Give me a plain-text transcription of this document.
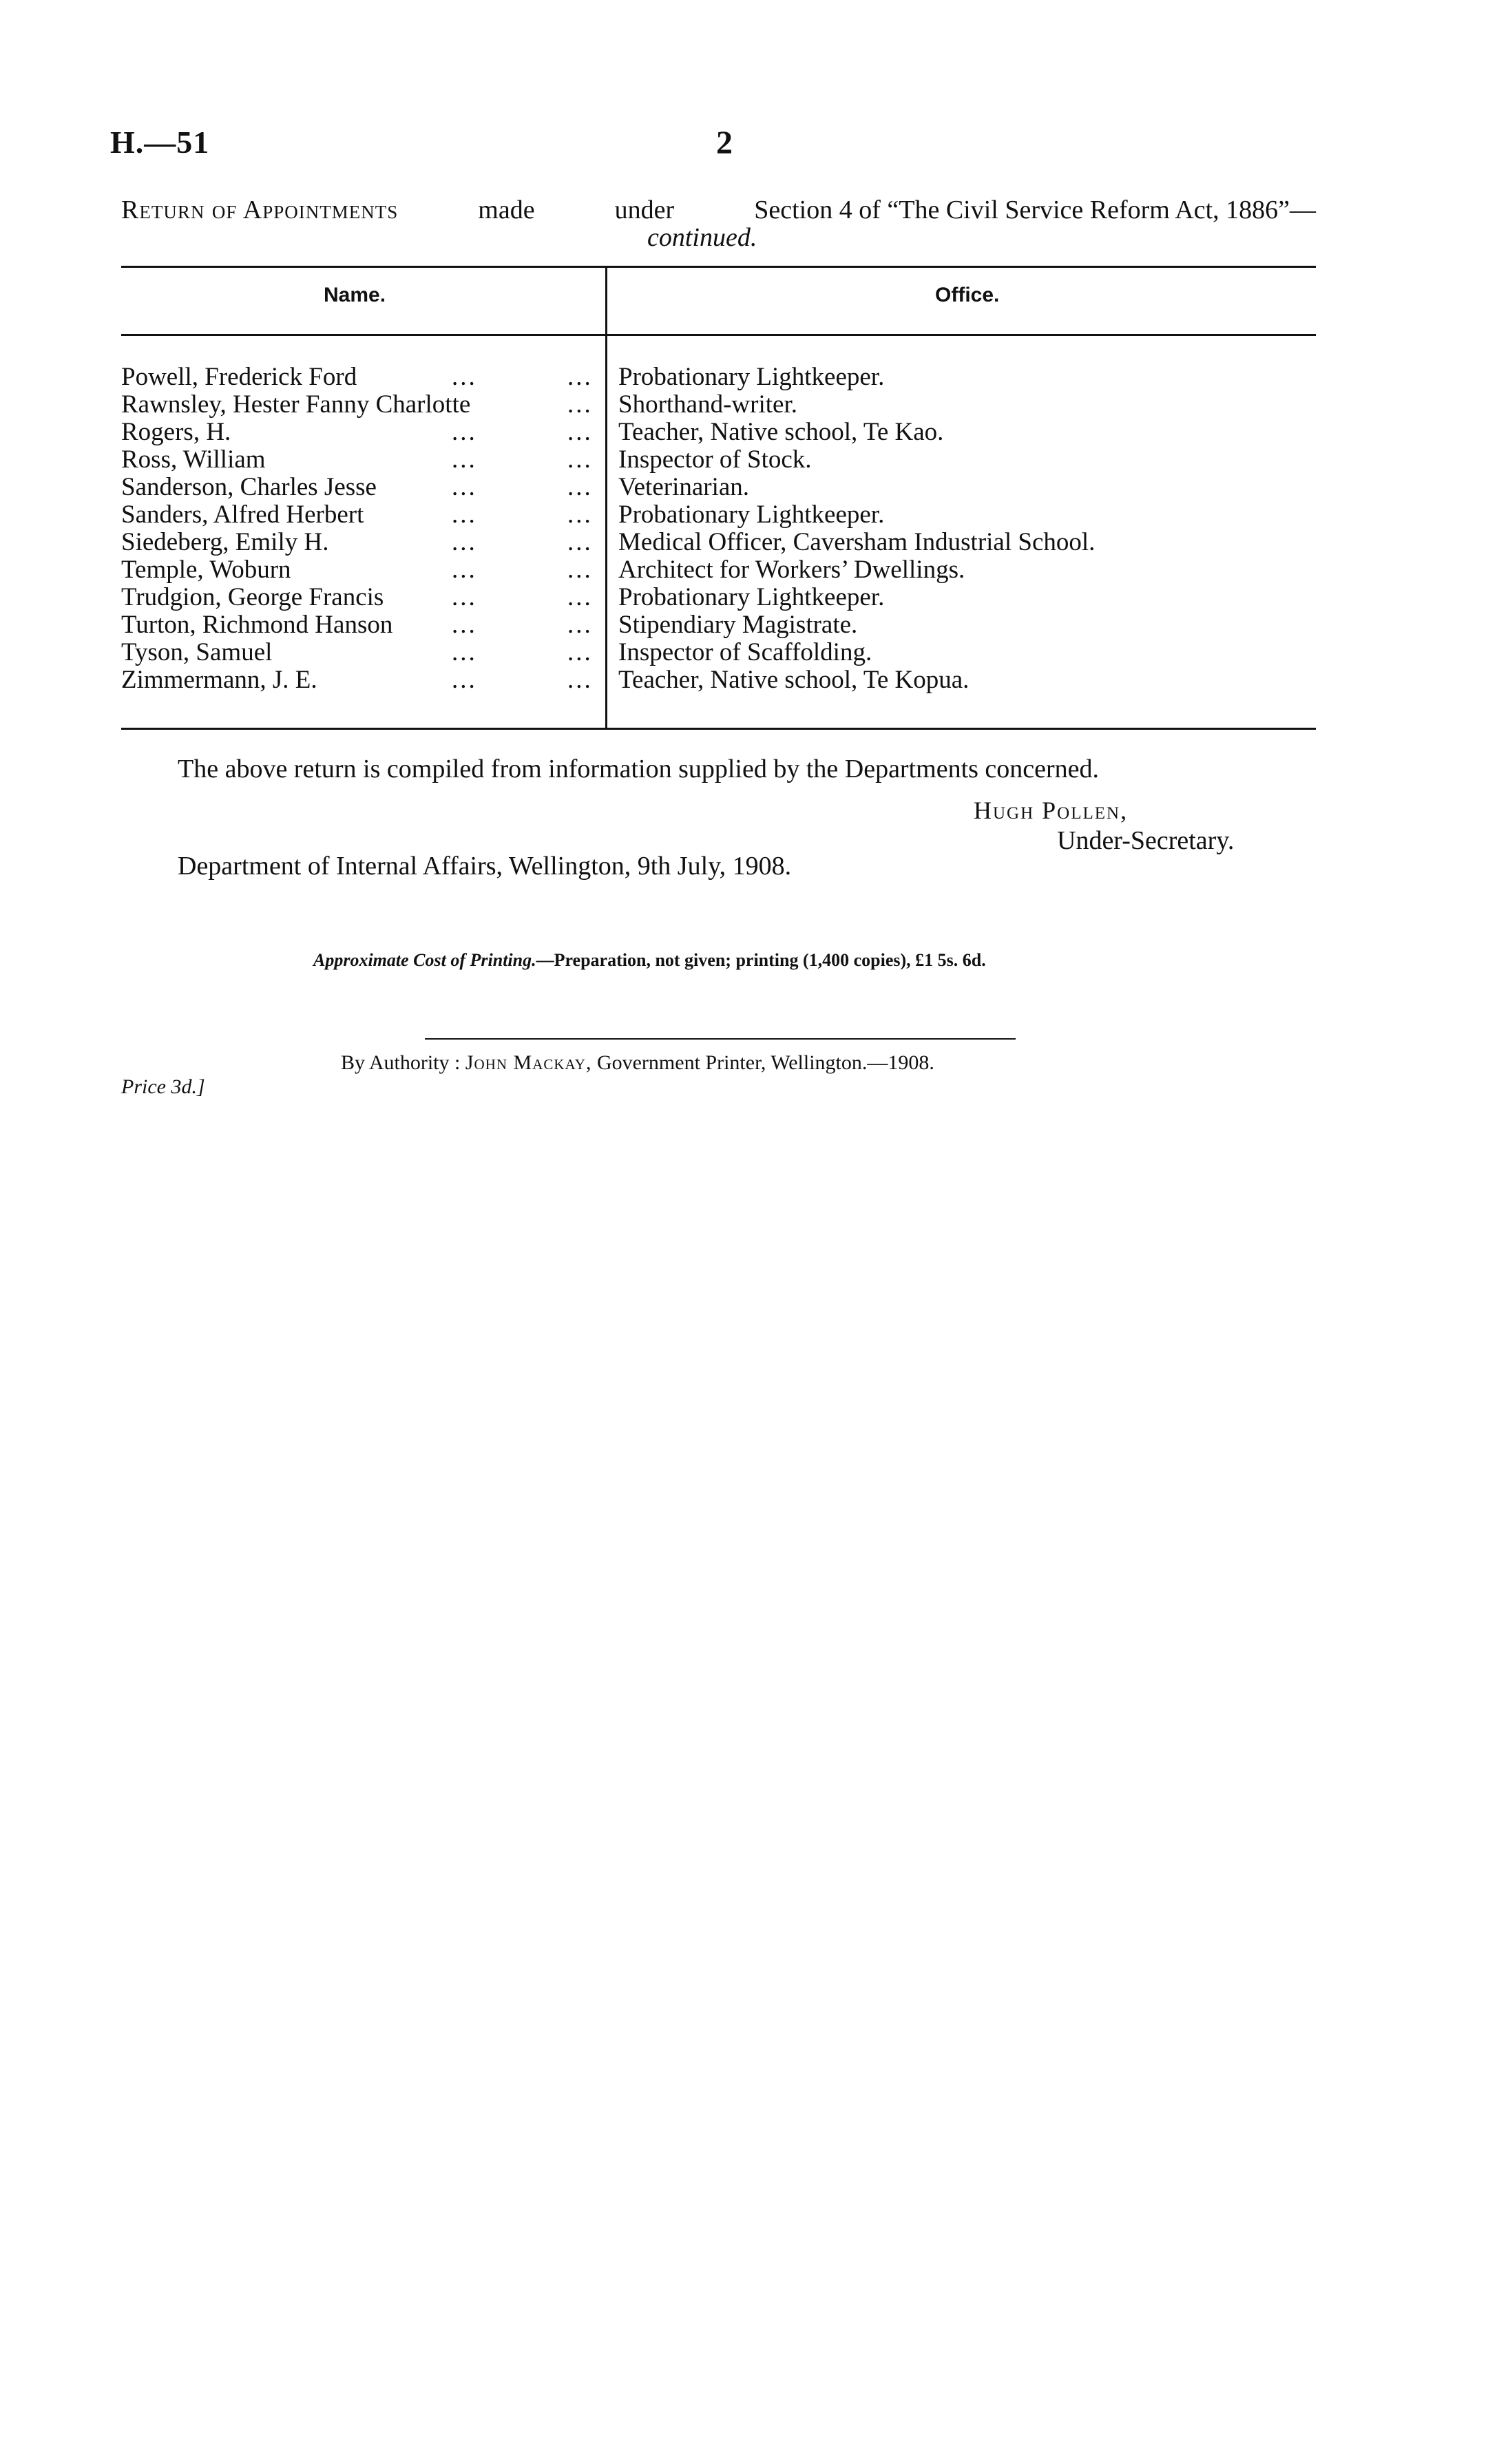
H.—51	2
Return of Appointments	made	under	Section 4 of “The Civil Service Reform Act, 1886”—
continued.
Name.	Office.
Powell, Frederick Ford	...	... Probationary Lightkeeper.
Rawnsley, Hester Fanny Charlotte	... Shorthand-writer.
Rogers, H.	...	... Teacher, Native school, Te Kao.
Ross, William	...	... Inspector of Stock.
Sanderson, Charles Jesse	...	... Veterinarian.
Sanders, Alfred Herbert	...	... Probationary Lightkeeper.
Siedeberg, Emily H.	...	... Medical Officer, Caversham Industrial School.
Temple, Woburn	...	... Architect for Workers’ Dwellings.
Trudgion, George Francis	...	... Probationary Lightkeeper.
Turton, Richmond Hanson ...	... Stipendiary Magistrate.
Tyson, Samuel	...	... Inspector of Scaffolding.
Zimmermann, J. E.	...	... Teacher, Native school, Te Kopua.
The above return is compiled from information supplied by the Departments concerned.
Hugh Pollen,
Under-Secretary.
Department of Internal Affairs, Wellington, 9th July, 1908.
Approximate Cost of Printing.—Preparation, not given; printing (1,400 copies), £1 5s. 6d.
By Authority : John Mackay, Government Printer, Wellington.—1908.
Price 3d.]
